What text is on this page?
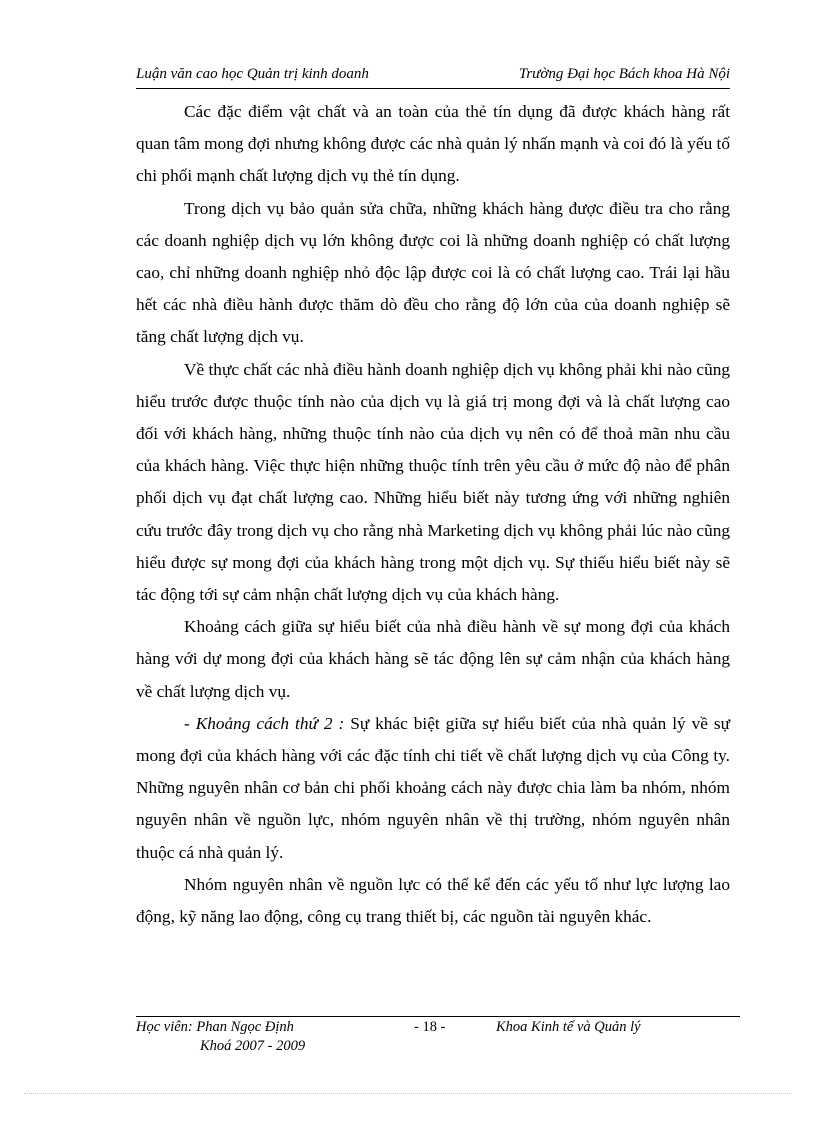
Luận văn cao học Quản trị kinh doanh	Trường Đại học Bách khoa Hà Nội

Các đặc điểm vật chất và an toàn của thẻ tín dụng đã được khách hàng rất quan tâm mong đợi nhưng không được các nhà quản lý nhấn mạnh và coi đó là yếu tố chi phối mạnh chất lượng dịch vụ thẻ tín dụng.

Trong dịch vụ bảo quản sửa chữa, những khách hàng được điều tra cho rằng các doanh nghiệp dịch vụ lớn không được coi là những doanh nghiệp có chất lượng cao, chỉ những doanh nghiệp nhỏ độc lập được coi là có chất lượng cao. Trái lại hầu hết các nhà điều hành được thăm dò đều cho rằng độ lớn của của doanh nghiệp sẽ tăng chất lượng dịch vụ.

Về thực chất các nhà điều hành doanh nghiệp dịch vụ không phải khi nào cũng hiểu trước được thuộc tính nào của dịch vụ là giá trị mong đợi và là chất lượng cao đối với khách hàng, những thuộc tính nào của dịch vụ nên có để thoả mãn nhu cầu của khách hàng. Việc thực hiện những thuộc tính trên yêu cầu ở mức độ nào để phân phối dịch vụ đạt chất lượng cao. Những hiểu biết này tương ứng với những nghiên cứu trước đây trong dịch vụ cho rằng nhà Marketing dịch vụ không phải lúc nào cũng hiểu được sự mong đợi của khách hàng trong một dịch vụ. Sự thiếu hiểu biết này sẽ tác động tới sự cảm nhận chất lượng dịch vụ của khách hàng.

Khoảng cách giữa sự hiểu biết của nhà điều hành về sự mong đợi của khách hàng với dự mong đợi của khách hàng sẽ tác động lên sự cảm nhận của khách hàng về chất lượng dịch vụ.

- Khoảng cách thứ 2 : Sự khác biệt giữa sự hiểu biết của nhà quản lý về sự mong đợi của khách hàng với các đặc tính chi tiết về chất lượng dịch vụ của Công ty. Những nguyên nhân cơ bản chi phối khoảng cách này được chia làm ba nhóm, nhóm nguyên nhân về nguồn lực, nhóm nguyên nhân về thị trường, nhóm nguyên nhân thuộc cá nhà quản lý.

Nhóm nguyên nhân về nguồn lực có thể kể đến các yếu tố như lực lượng lao động, kỹ năng lao động, công cụ trang thiết bị, các nguồn tài nguyên khác.

Học viên: Phan Ngọc Định
Khoá 2007 - 2009
- 18 -	Khoa Kinh tế và Quản lý
